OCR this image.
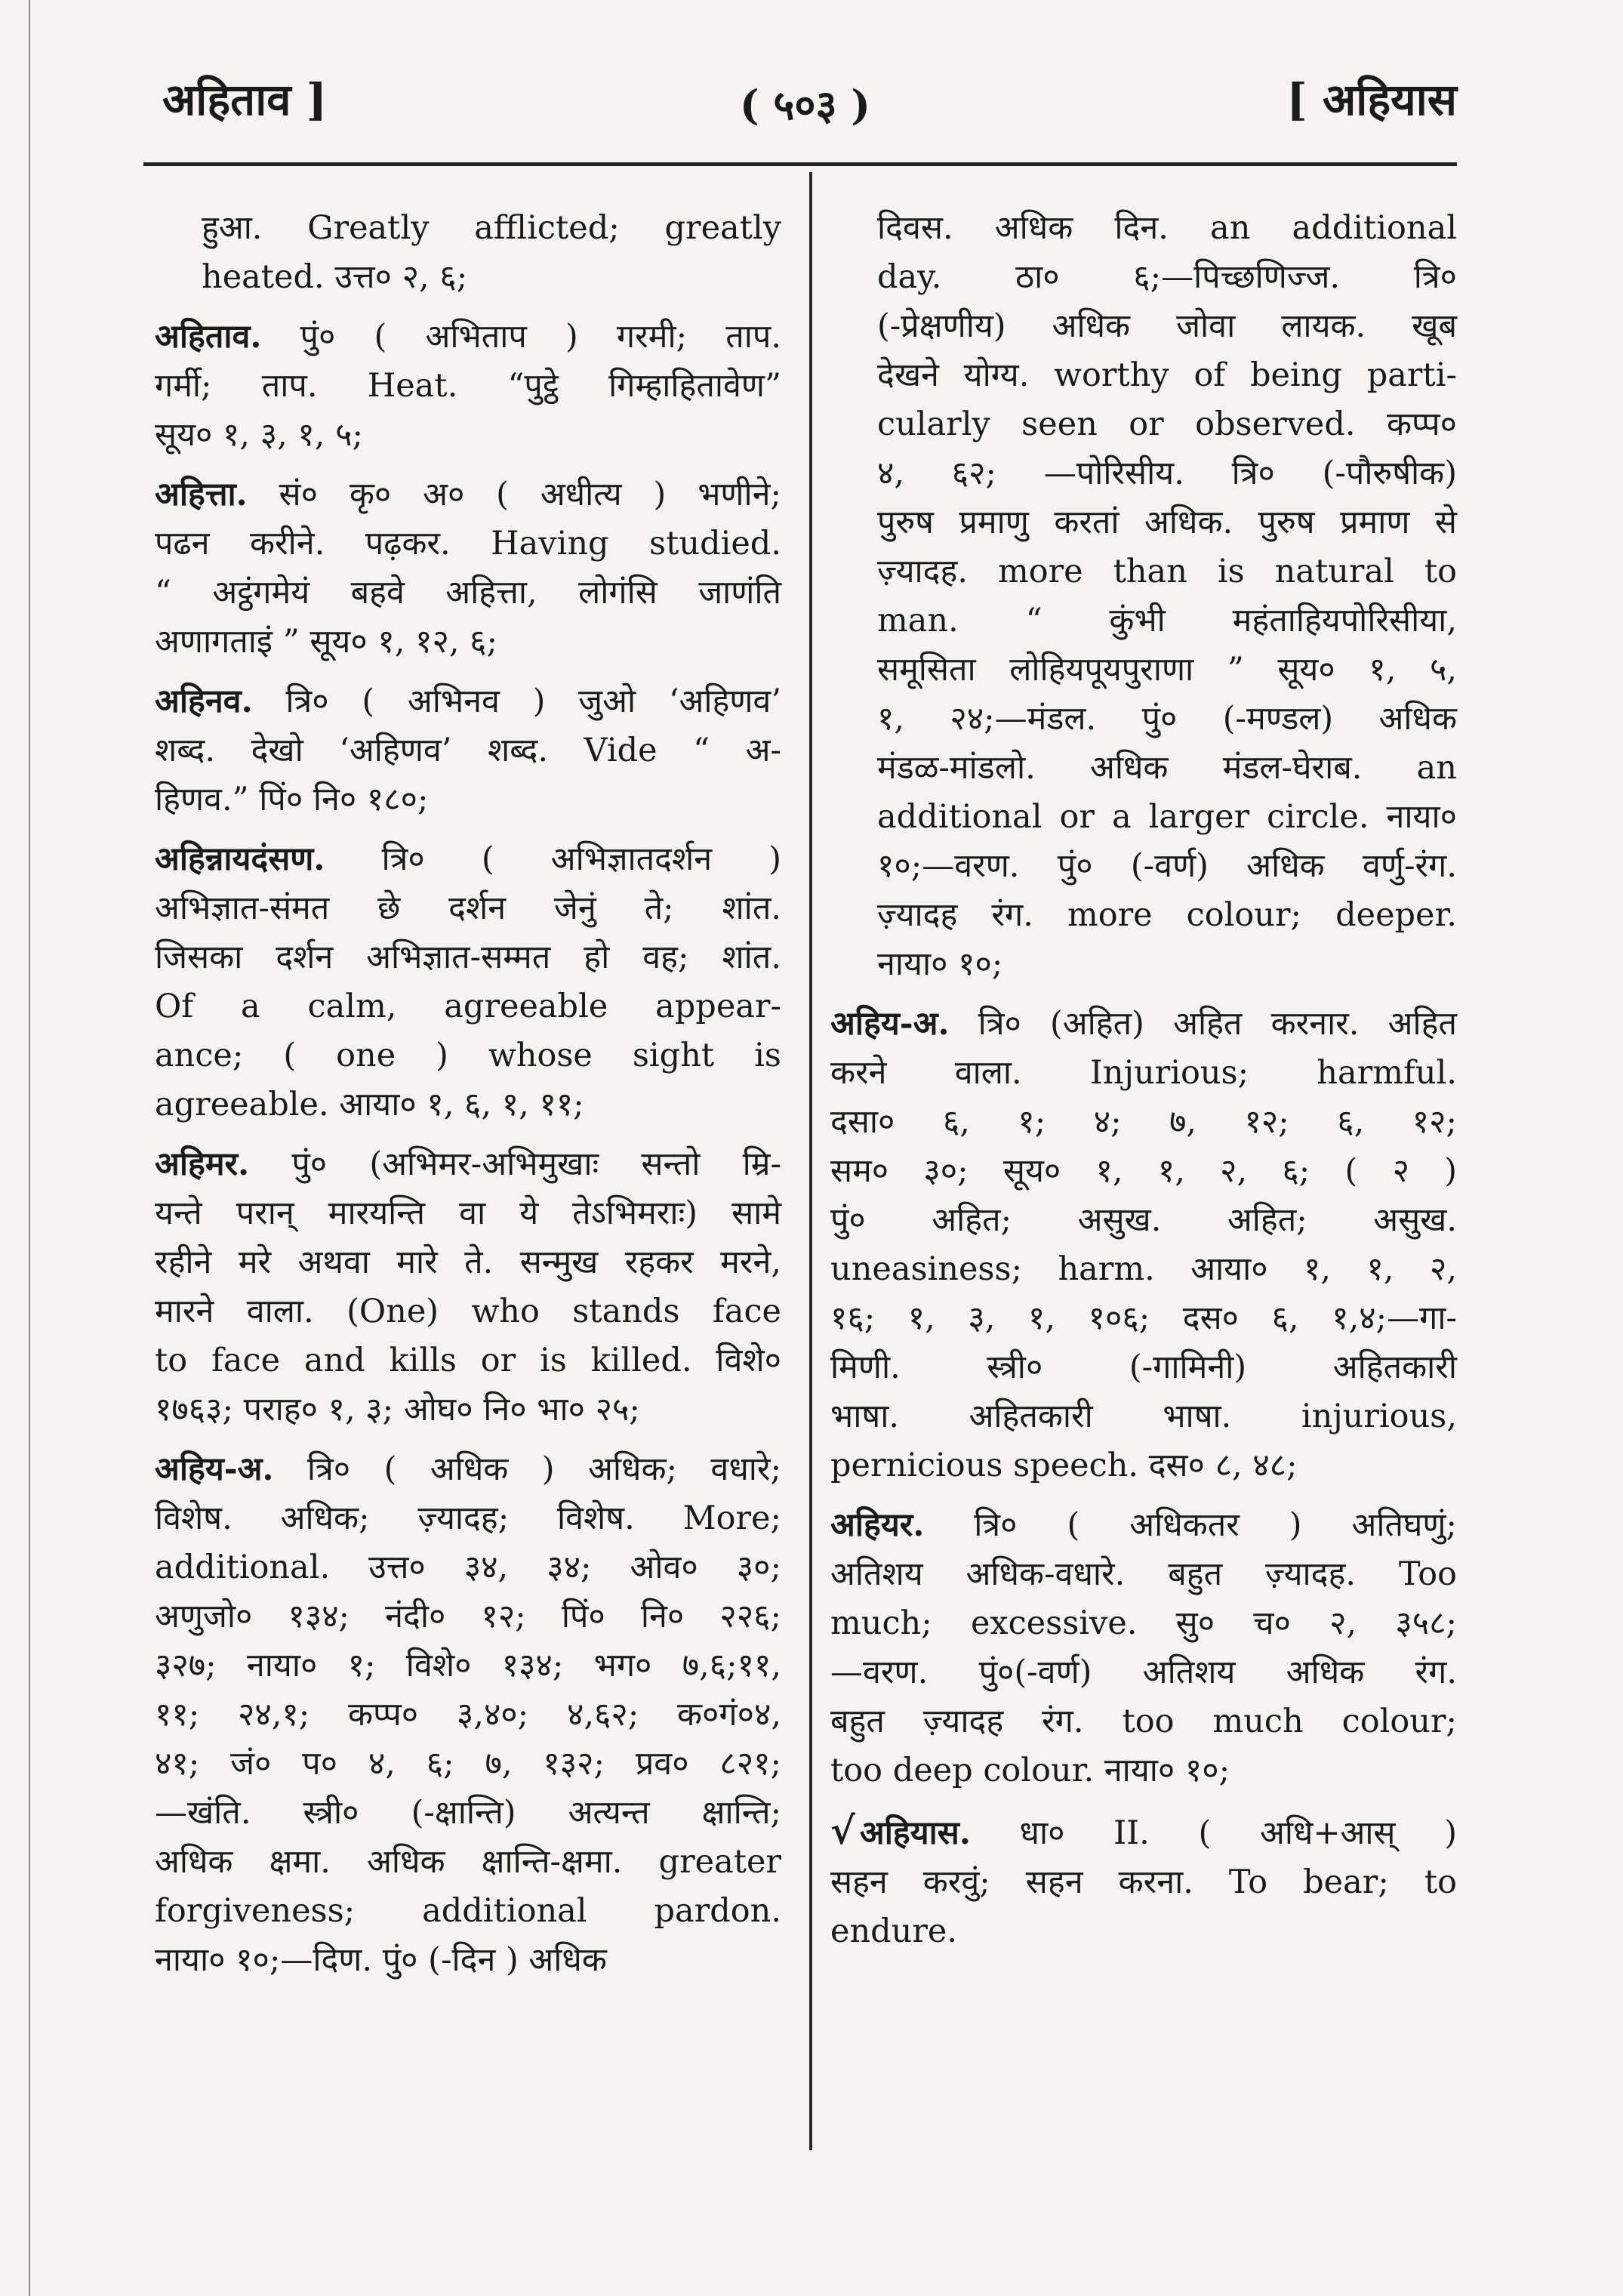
अहिताव ]	( ५०३ )	[ अहियास
हुआ. Greatly afflicted; greatly
heated. उत्त० २, ६;
अहिताव. पुं० ( अभिताप ) गरमी; ताप.
गर्मी; ताप. Heat. “पुट्ठे गिम्हाहितावेण”
सूय० १, ३, १, ५;
अहित्ता. सं० कृ० अ० ( अधीत्य ) भणीने;
पढन करीने. पढ़कर. Having studied.
“ अट्ठंगमेयं बहवे अहित्ता, लोगंसि जाणंति
अणागताइं ” सूय० १, १२, ६;
अहिनव. त्रि० ( अभिनव ) जुओ ‘अहिणव’
शब्द. देखो ‘अहिणव’ शब्द. Vide “ अ-
हिणव.” पिं० नि० १८०;
अहिन्नायदंसण. त्रि० ( अभिज्ञातदर्शन )
अभिज्ञात-संमत छे दर्शन जेनुं ते; शांत.
जिसका दर्शन अभिज्ञात-सम्मत हो वह; शांत.
Of a calm, agreeable appear-
ance; ( one ) whose sight is
agreeable. आया० १, ६, १, ११;
अहिमर. पुं० (अभिमर-अभिमुखाः सन्तो म्रि-
यन्ते परान् मारयन्ति वा ये तेऽभिमराः) सामे
रहीने मरे अथवा मारे ते. सन्मुख रहकर मरने,
मारने वाला. (One) who stands face
to face and kills or is killed. विशे०
१७६३; पराह० १, ३; ओघ० नि० भा० २५;
अहिय-अ. त्रि० ( अधिक ) अधिक; वधारे;
विशेष. अधिक; ज़्यादह; विशेष. More;
additional. उत्त० ३४, ३४; ओव० ३०;
अणुजो० १३४; नंदी० १२; पिं० नि० २२६;
३२७; नाया० १; विशे० १३४; भग० ७,६;११,
११; २४,१; कप्प० ३,४०; ४,६२; क०गं०४,
४१; जं० प० ४, ६; ७, १३२; प्रव० ८२१;
—खंति. स्त्री० (-क्षान्ति) अत्यन्त क्षान्ति;
अधिक क्षमा. अधिक क्षान्ति-क्षमा. greater
forgiveness; additional pardon.
नाया० १०;—दिण. पुं० (-दिन ) अधिक
दिवस. अधिक दिन. an additional
day. ठा० ६;—पिच्छणिज्ज. त्रि०
(-प्रेक्षणीय) अधिक जोवा लायक. खूब
देखने योग्य. worthy of being parti-
cularly seen or observed. कप्प०
४, ६२; —पोरिसीय. त्रि० (-पौरुषीक)
पुरुष प्रमाणु करतां अधिक. पुरुष प्रमाण से
ज़्यादह. more than is natural to
man. “ कुंभी महंताहियपोरिसीया,
समूसिता लोहियपूयपुराणा ” सूय० १, ५,
१, २४;—मंडल. पुं० (-मण्डल) अधिक
मंडळ-मांडलो. अधिक मंडल-घेराब. an
additional or a larger circle. नाया०
१०;—वरण. पुं० (-वर्ण) अधिक वर्णु-रंग.
ज़्यादह रंग. more colour; deeper.
नाया० १०;
अहिय-अ. त्रि० (अहित) अहित करनार. अहित
करने वाला. Injurious; harmful.
दसा० ६, १; ४; ७, १२; ६, १२;
सम० ३०; सूय० १, १, २, ६; ( २ )
पुं० अहित; असुख. अहित; असुख.
uneasiness; harm. आया० १, १, २,
१६; १, ३, १, १०६; दस० ६, १,४;—गा-
मिणी. स्त्री० (-गामिनी) अहितकारी
भाषा. अहितकारी भाषा. injurious,
pernicious speech. दस० ८, ४८;
अहियर. त्रि० ( अधिकतर ) अतिघणुं;
अतिशय अधिक-वधारे. बहुत ज़्यादह. Too
much; excessive. सु० च० २, ३५८;
—वरण. पुं०(-वर्ण) अतिशय अधिक रंग.
बहुत ज़्यादह रंग. too much colour;
too deep colour. नाया० १०;
√ अहियास. धा० II. ( अधि+आस् )
सहन करवुं; सहन करना. To bear; to
endure.
